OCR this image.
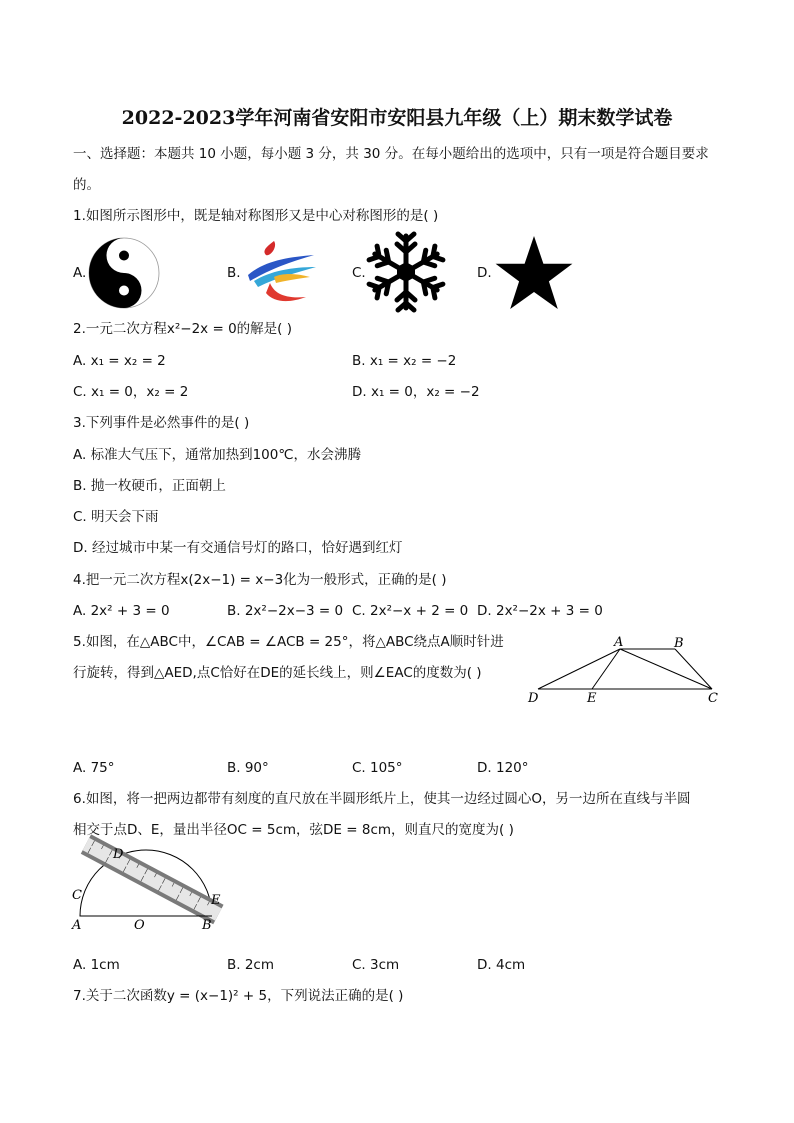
2022-2023学年河南省安阳市安阳县九年级（上）期末数学试卷
一、选择题：本题共 10 小题，每小题 3 分，共 30 分。在每小题给出的选项中，只有一项是符合题目要求
的。
1.如图所示图形中，既是轴对称图形又是中心对称图形的是( )
A.	B.	C.	D.
2.一元二次方程x²−2x = 0的解是( )
A. x₁ = x₂ = 2	B. x₁ = x₂ = −2
C. x₁ = 0，x₂ = 2	D. x₁ = 0，x₂ = −2
3.下列事件是必然事件的是( )
A. 标准大气压下，通常加热到100℃，水会沸腾
B. 抛一枚硬币，正面朝上
C. 明天会下雨
D. 经过城市中某一有交通信号灯的路口，恰好遇到红灯
4.把一元二次方程x(2x−1) = x−3化为一般形式，正确的是( )
A. 2x² + 3 = 0	B. 2x²−2x−3 = 0 C. 2x²−x + 2 = 0 D. 2x²−2x + 3 = 0
5.如图，在△ABC中，∠CAB = ∠ACB = 25°，将△ABC绕点A顺时针进
行旋转，得到△AED,点C恰好在DE的延长线上，则∠EAC的度数为( )
A	B
D	E	C
A. 75°	B. 90°	C. 105°	D. 120°
6.如图，将一把两边都带有刻度的直尺放在半圆形纸片上，使其一边经过圆心O，另一边所在直线与半圆
相交于点D、E，量出半径OC = 5cm，弦DE = 8cm，则直尺的宽度为( )
D
C	E
A	O	B
A. 1cm	B. 2cm	C. 3cm	D. 4cm
7.关于二次函数y = (x−1)² + 5，下列说法正确的是( )
